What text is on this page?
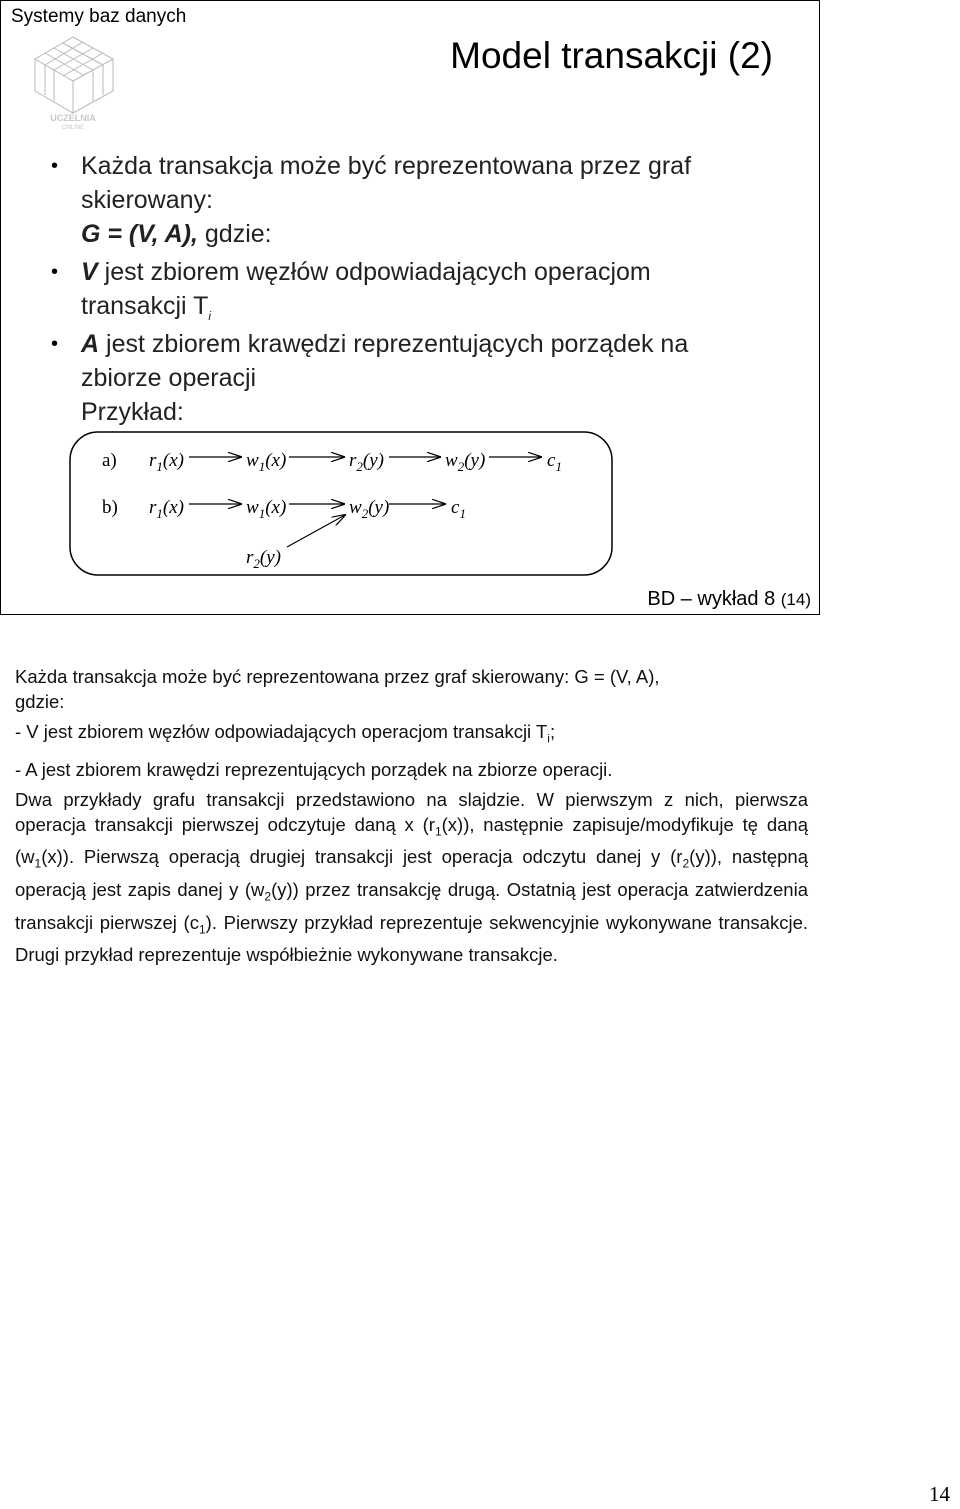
Systemy baz danych
UCZELNIA
ONLINE
Model transakcji (2)
• Każda transakcja może być reprezentowana przez graf
skierowany:
G = (V, A), gdzie:
• V jest zbiorem węzłów odpowiadających operacjom
transakcji $T_i$
• A jest zbiorem krawędzi reprezentujących porządek na
zbiorze operacji
Przykład:
a) $r_1(x)$	$w_1(x)$	$r_2(y)$	$w_2(y)$	$c_1$
b) $r_1(x)$	$w_1(x)$	$w_2(y)$	$c_1$
$r_2(y)$
BD – wykład 8 (14)

Każda transakcja może być reprezentowana przez graf skierowany: G = (V, A),
gdzie:

- V jest zbiorem węzłów odpowiadających operacjom transakcji $T_i$;

- A jest zbiorem krawędzi reprezentujących porządek na zbiorze operacji.

Dwa przykłady grafu transakcji przedstawiono na slajdzie. W pierwszym z nich, pierwsza operacja transakcji pierwszej odczytuje daną x $(r_1(x))$, następnie zapisuje/modyfikuje tę daną $(w_1(x))$. Pierwszą operacją drugiej transakcji jest operacja odczytu danej y $(r_2(y))$, następną operacją jest zapis danej y $(w_2(y))$ przez transakcję drugą. Ostatnią jest operacja zatwierdzenia transakcji pierwszej $(c_1)$. Pierwszy przykład reprezentuje sekwencyjnie wykonywane transakcje. Drugi przykład reprezentuje współbieżnie wykonywane transakcje.

14
